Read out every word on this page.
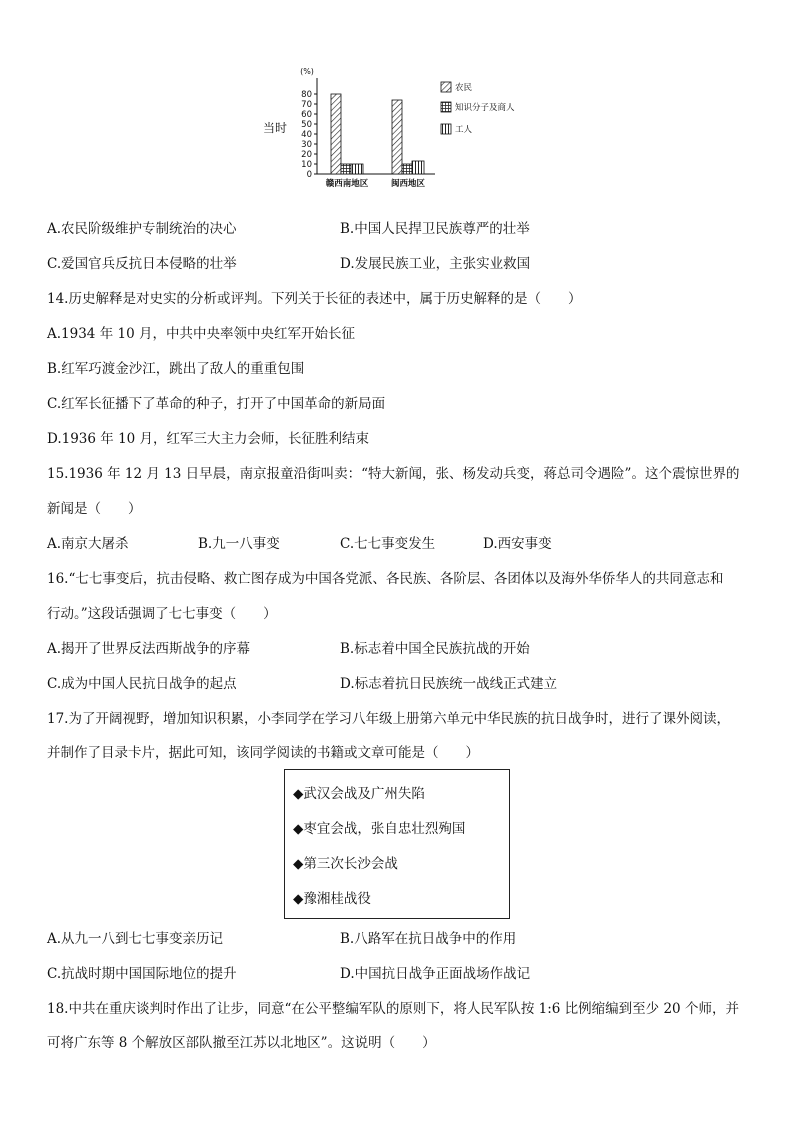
(%)
当时
0
10
20
30
40
50
60
70
80
赣西南地区	闽西地区
农民
知识分子及商人
工人
A.农民阶级维护专制统治的决心	B.中国人民捍卫民族尊严的壮举
C.爱国官兵反抗日本侵略的壮举	D.发展民族工业，主张实业救国
14.历史解释是对史实的分析或评判。下列关于长征的表述中，属于历史解释的是（　　）
A.1934 年 10 月，中共中央率领中央红军开始长征
B.红军巧渡金沙江，跳出了敌人的重重包围
C.红军长征播下了革命的种子，打开了中国革命的新局面
D.1936 年 10 月，红军三大主力会师，长征胜利结束
15.1936 年 12 月 13 日早晨，南京报童沿街叫卖：“特大新闻，张、杨发动兵变，蒋总司令遇险”。这个震惊世界的
新闻是（　　）
A.南京大屠杀	B.九一八事变	C.七七事变发生	D.西安事变
16.“七七事变后，抗击侵略、救亡图存成为中国各党派、各民族、各阶层、各团体以及海外华侨华人的共同意志和
行动。”这段话强调了七七事变（　　）
A.揭开了世界反法西斯战争的序幕	B.标志着中国全民族抗战的开始
C.成为中国人民抗日战争的起点	D.标志着抗日民族统一战线正式建立
17.为了开阔视野，增加知识积累，小李同学在学习八年级上册第六单元中华民族的抗日战争时，进行了课外阅读，
并制作了目录卡片，据此可知，该同学阅读的书籍或文章可能是（　　）
◆武汉会战及广州失陷
◆枣宜会战，张自忠壮烈殉国
◆第三次长沙会战
◆豫湘桂战役
A.从九一八到七七事变亲历记	B.八路军在抗日战争中的作用
C.抗战时期中国国际地位的提升	D.中国抗日战争正面战场作战记
18.中共在重庆谈判时作出了让步，同意“在公平整编军队的原则下，将人民军队按 1:6 比例缩编到至少 20 个师，并
可将广东等 8 个解放区部队撤至江苏以北地区”。这说明（　　）
